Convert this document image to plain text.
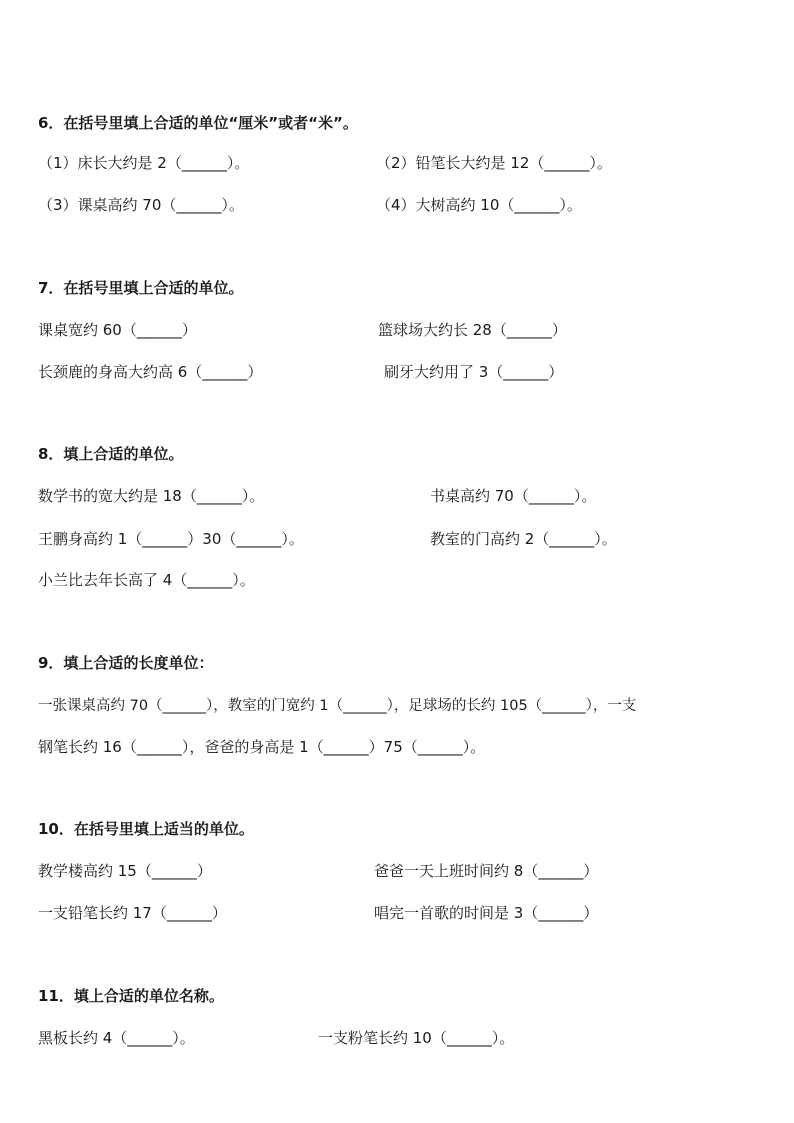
6．在括号里填上合适的单位“厘米”或者“米”。
（1）床长大约是 2（______）。	（2）铅笔长大约是 12（______）。
（3）课桌高约 70（______）。	（4）大树高约 10（______）。
7．在括号里填上合适的单位。
课桌宽约 60（______）	篮球场大约长 28（______）
长颈鹿的身高大约高 6（______）	刷牙大约用了 3（______）
8．填上合适的单位。
数学书的宽大约是 18（______）。	书桌高约 70（______）。
王鹏身高约 1（______）30（______）。	教室的门高约 2（______）。
小兰比去年长高了 4（______）。
9．填上合适的长度单位：
一张课桌高约 70（______），教室的门宽约 1（______），足球场的长约 105（______），一支
钢笔长约 16（______），爸爸的身高是 1（______）75（______）。
10．在括号里填上适当的单位。
教学楼高约 15（______）	爸爸一天上班时间约 8（______）
一支铅笔长约 17（______）	唱完一首歌的时间是 3（______）
11．填上合适的单位名称。
黑板长约 4（______）。	一支粉笔长约 10（______）。
